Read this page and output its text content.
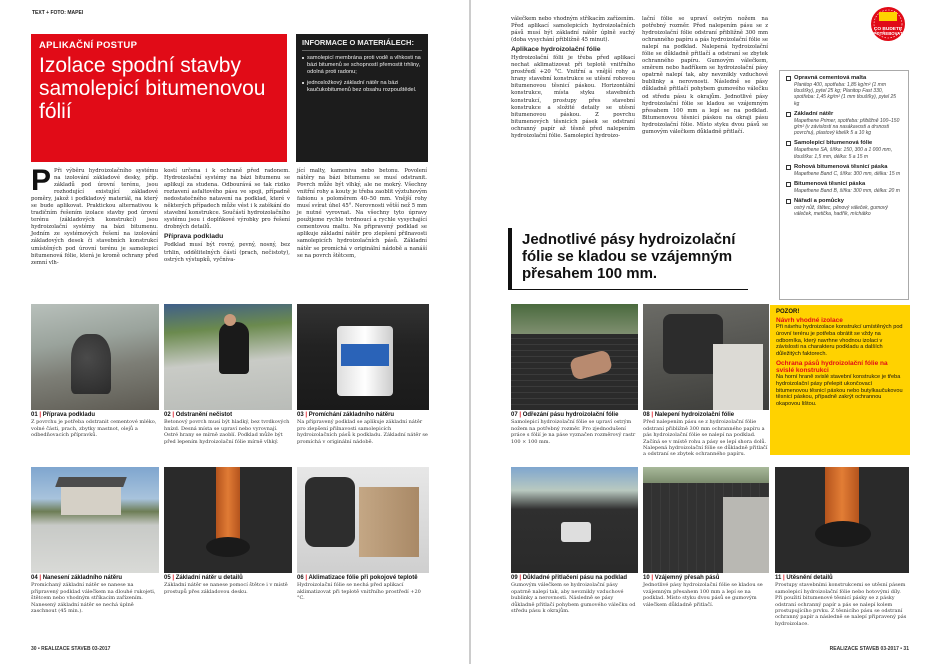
TEXT + FOTO: MAPEI
APLIKAČNÍ POSTUP
Izolace spodní stavby samolepicí bitumenovou fólií
INFORMACE O MATERIÁLECH:
samolepicí membrána proti vodě a vlhkosti na bázi bitumenů se schopností přemostit trhliny, odolná proti radonu;
jednosložkový základní nátěr na bázi kaučukobitumenů bez obsahu rozpouštědel.
P Při výběru hydroizolačního systému na izolování základové desky, příp. základů pod úrovní terénu, jsou rozhodující existující základové poměry, jakož i podkladový materiál, na který se bude aplikovat. Praktickou alternativou k tradičním řešením izolace stavby pod úrovní terénu (základových konstrukcí) jsou hydroizolační systémy na bázi bitumenu. Jedním ze systémových řešení na izolování základových desek či stavebních konstrukcí umístěných pod úrovní terénu je samolepicí bitumenová fólie, která je kromě ochrany před zemní vlh-
kostí určena i k ochraně před radonem. Hydroizolační systémy na bázi bitumenu se aplikují za studena. Odbourává se tak riziko roztavení asfaltového pásu ve spoji, případně nedostatečného natavení na podklad, které v některých případech může vést i k zatékání do stavební konstrukce. Součástí hydroizolačního systému jsou i doplňkové výrobky pro řešení drobných detailů.
Příprava podkladu
Podklad musí být rovný, pevný, nosný, bez trhlin, oddělitelných částí (prach, nečistoty), ostrých výstupků, vyčníva-
jící malty, kameniva nebo betonu. Povolení nátěry na bázi bitumenu se musí odstranit. Povrch může být vlhký, ale ne mokrý. Všechny vnitřní rohy a kouty je třeba zaoblit výztuhovým fabionu s poloměrem 40–50 mm. Vnější rohy musí svírat úhel 45°. Nerovnosti větší než 5 mm je nutné vyrovnat. Na všechny tyto úpravy použijeme rychle tvrdnoucí a rychle vysychající cementovou maltu. Na připravený podklad se aplikuje základní nátěr pro zlepšení přilnavosti samolepicích hydroizolačních pásů. Základní nátěr se promíchá v originální nádobě a nanáší se na povrch štětcem,
válečkem nebo vhodným stříkacím zařízením. Před aplikací samolepicích hydroizolačních pásů musí být základní nátěr úplně suchý (doba vysychání přibližně 45 minut).
Aplikace hydroizolační fólie
Hydroizolační fólii je třeba před aplikací nechat aklimatizovat při teplotě vnitřního prostředí +20 °C. Vnitřní a vnější rohy a hrany stavební konstrukce se utěsní rohovou bitumenovou těsnicí páskou. Horizontální konstrukce, místa styku stavebních konstrukcí, prostupy přes stavební konstrukce a složité detaily se utěsní bitumenovou páskou. Z povrchu bitumenových těsnicích pásek se odstraní ochranný papír až těsně před nalepením hydroizolační fólie. Samolepicí hydroizo-
lační fólie se upraví ostrým nožem na potřebný rozměr. Před nalepením pásu se z hydroizolační fólie odstraní přibližně 300 mm ochranného papíru a pás hydroizolační fólie se nalepí na podklad. Nalepená hydroizolační fólie se důkladně přitlačí a odstraní se zbytek ochranného papíru. Gumovým válečkem, směrem nebo hadříkem se hydroizolační pásy opatrně nalepí tak, aby nevznikly vzduchové bublinky a nerovnosti. Následně se pásy důkladně přitlačí pohybem gumového válečku od středu pásu k okrajům. Jednotlivé pásy hydroizolační fólie se kladou se vzájemným přesahem 100 mm a lepí se na podklad. Bitumenovou těsnicí páskou na okraji pásu hydroizolační fólie. Místo styku dvou pásů se gumovým válečkem důkladně přitlačí.
Jednotlivé pásy hydroizolační fólie se kladou se vzájemným přesahem 100 mm.
CO BUDETE
POTŘEBOVAT
Opravná cementová malta
Planitop 400, spotřeba: 1,85 kg/m² (1 mm tloušťky), pytel 25 kg; Planitop Fast 330, spotřeba: 1,45 kg/m² (1 mm tloušťky), pytel 25 kg
Základní nátěr
Mapethene Primer, spotřeba: přibližně 100–150 g/m² (v závislosti na nasákavosti a drsnosti povrchu), plastový kbelík 5 a 10 kg
Samolepicí bitumenová fólie
Mapethene SA, šířka: 150, 300 a 1 000 mm, tloušťka: 1,5 mm, délka: 5 a 15 m
Rohová bitumenová těsnicí páska
Mapethene Band C, šířka: 300 mm, délka: 15 m
Bitumenová těsnicí páska
Mapethene Band B, šířka: 300 mm, délka: 20 m
Nářadí a pomůcky
ostrý nůž, štětec, pěnový váleček, gumový váleček, metička, hadřík, míchátko
POZOR!
Návrh vhodné izolace
Při návrhu hydroizolace konstrukcí umístěných pod úrovní terénu je potřeba obrátit se vždy na odborníka, který navrhne vhodnou izolaci v závislosti na charakteru podkladu a dalších důležitých faktorech.
Ochrana pásů hydroizolační fólie na svislé konstrukci
Na horní hraně svislé stavební konstrukce je třeba hydroizolační pásy přelepit ukončovací bitumenovou těsnicí páskou nebo butylkaučukovou těsnicí páskou, případně zakrýt ochrannou okapovou lištou.
01 | Příprava podkladu
Z povrchu je potřeba odstranit cementové mléko, volné části, prach, zbytky mastnot, olejů a odbedňovacích přípravků.
02 | Odstranění nečistot
Betonový povrch musí být hladký, bez tvrdkových hnízd. Desná místa se upraví nebo vyrovnají. Ostré hrany se mírně zaoblí. Podklad může být před lepením hydroizolační fólie mírně vlhký.
03 | Promíchání základního nátěru
Na připravený podklad se aplikuje základní nátěr pro zlepšení přilnavosti samolepicích hydroizolačních pásů k podkladu. Základní nátěr se promíchá v originální nádobě.
07 | Odřezání pásu hydroizolační fólie
Samolepicí hydroizolační fólie se upraví ostrým nožem na potřebný rozměr. Pro zjednodušení práce s fólií je na páse vyznačen rozměrový rastr 100 × 100 mm.
08 | Nalepení hydroizolační fólie
Před nalepením pásu se z hydroizolační fólie odstraní přibližně 300 mm ochranného papíru a pás hydroizolační fólie se nalepí na podklad. Začíná se v místě rohu a pásy se lepí shora dolů. Nalepená hydroizolační fólie se důkladně přitlačí a odstraní se zbytek ochranného papíru.
04 | Nanesení základního nátěru
Promíchaný základní nátěr se nanese na připravený podklad válečkem na dlouhé rukojeti, štětcem nebo vhodným stříkacím zařízením. Nanesený základní nátěr se nechá úplně zaschnout (45 min.).
05 | Základní nátěr u detailů
Základní nátěr se nanese pomocí štětce i v místě prostupů přes základovou desku.
06 | Aklimatizace fólie při pokojové teplotě
Hydroizolační fólie se nechá před aplikací aklimatizovat při teplotě vnitřního prostředí +20 °C.
09 | Důkladné přitlačení pásu na podklad
Gumovým válečkem se hydroizolační pásy opatrně nalepí tak, aby nevznikly vzduchové bublinky a nerovnosti. Následně se pásy důkladně přitlačí pohybem gumového válečku od středu pásu k okrajům.
10 | Vzájemný přesah pásů
Jednotlivé pásy hydroizolační fólie se kladou se vzájemným přesahem 100 mm a lepí se na podklad. Místo styku dvou pásů se gumovým válečkem důkladně přitlačí.
11 | Utěsnění detailů
Prostupy stavebními konstrukcemi se utěsní pásem samolepicí hydroizolační fólie nebo hotovými díly. Při použití bitumenové těsnicí pásky se z pásky odstraní ochranný papír a pás se nalepí kolem prostupujícího prvku. Z těsnicího pásu se odstraní ochranný papír a následně se nalepí připravený pás hydroizolace.
30 • REALIZACE STAVEB 03-2017	REALIZACE STAVEB 03-2017 • 31
